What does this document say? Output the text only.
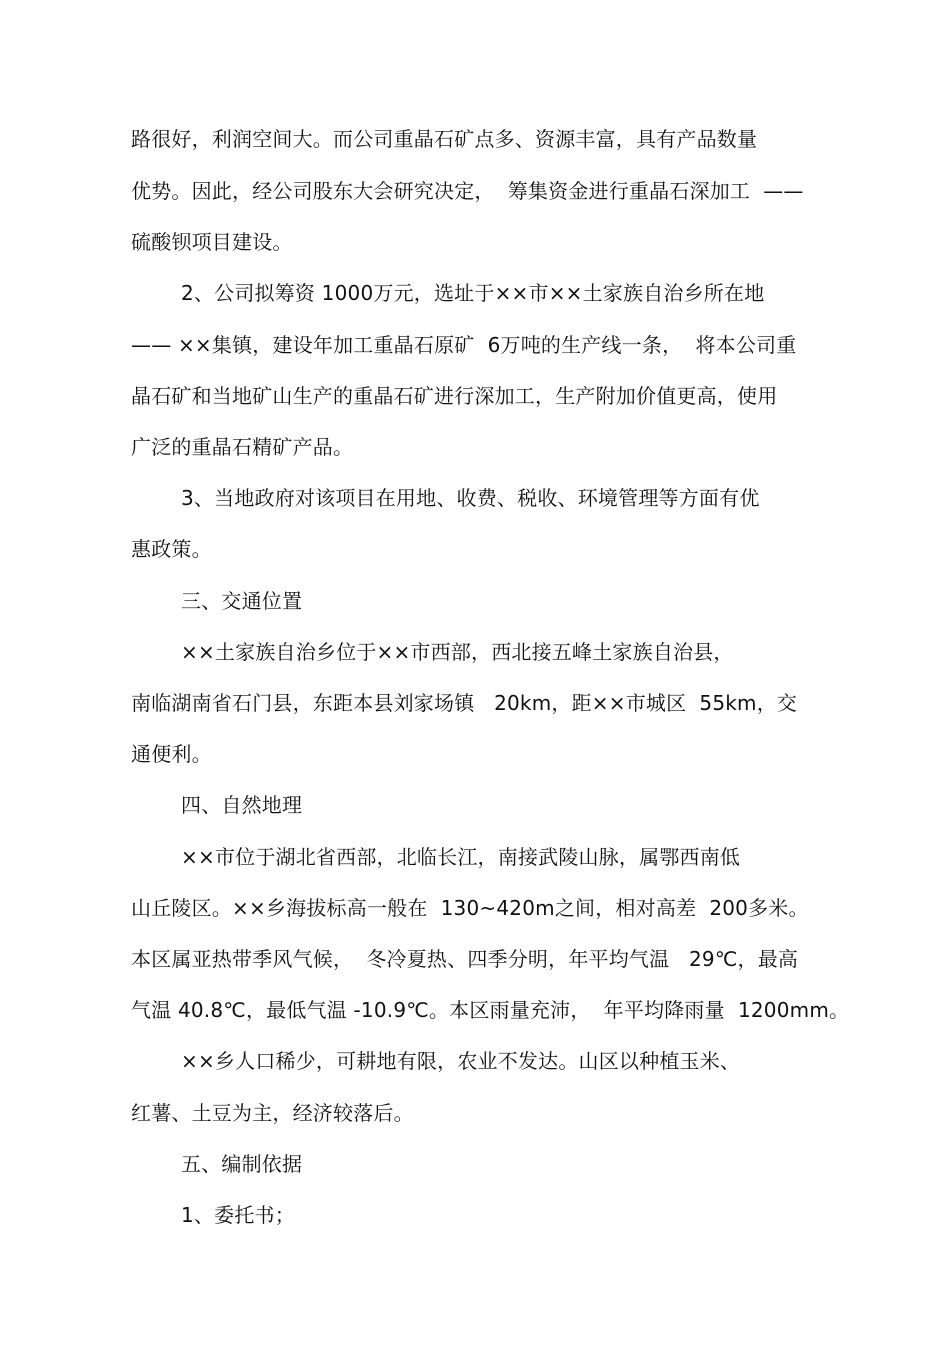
路很好，利润空间大。而公司重晶石矿点多、资源丰富，具有产品数量
优势。因此，经公司股东大会研究决定，  筹集资金进行重晶石深加工  ——
硫酸钡项目建设。
2、公司拟筹资 1000万元，选址于××市××土家族自治乡所在地
—— ××集镇，建设年加工重晶石原矿  6万吨的生产线一条，  将本公司重
晶石矿和当地矿山生产的重晶石矿进行深加工，生产附加价值更高，使用
广泛的重晶石精矿产品。
3、当地政府对该项目在用地、收费、税收、环境管理等方面有优
惠政策。
三、交通位置
××土家族自治乡位于××市西部，西北接五峰土家族自治县，
南临湖南省石门县，东距本县刘家场镇   20km，距××市城区  55km，交
通便利。
四、自然地理
××市位于湖北省西部，北临长江，南接武陵山脉，属鄂西南低
山丘陵区。××乡海拔标高一般在  130~420m之间，相对高差  200多米。
本区属亚热带季风气候，  冬冷夏热、四季分明，年平均气温   29℃，最高
气温 40.8℃，最低气温 -10.9℃。本区雨量充沛，  年平均降雨量  1200mm。
××乡人口稀少，可耕地有限，农业不发达。山区以种植玉米、
红薯、土豆为主，经济较落后。
五、编制依据
1、委托书；
